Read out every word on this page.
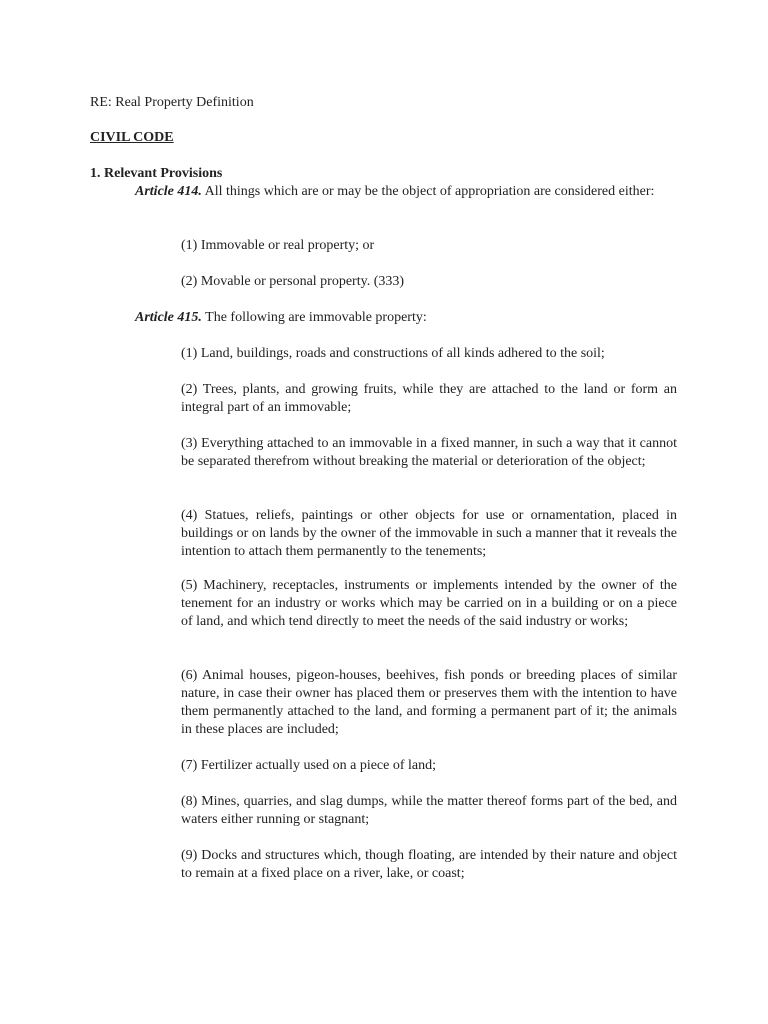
RE: Real Property Definition

CIVIL CODE

1. Relevant Provisions

Article 414. All things which are or may be the object of appropriation are considered either:

(1) Immovable or real property; or

(2) Movable or personal property. (333)

Article 415. The following are immovable property:

(1) Land, buildings, roads and constructions of all kinds adhered to the soil;

(2) Trees, plants, and growing fruits, while they are attached to the land or form an integral part of an immovable;

(3) Everything attached to an immovable in a fixed manner, in such a way that it cannot be separated therefrom without breaking the material or deterioration of the object;

(4) Statues, reliefs, paintings or other objects for use or ornamentation, placed in buildings or on lands by the owner of the immovable in such a manner that it reveals the intention to attach them permanently to the tenements;

(5) Machinery, receptacles, instruments or implements intended by the owner of the tenement for an industry or works which may be carried on in a building or on a piece of land, and which tend directly to meet the needs of the said industry or works;

(6) Animal houses, pigeon-houses, beehives, fish ponds or breeding places of similar nature, in case their owner has placed them or preserves them with the intention to have them permanently attached to the land, and forming a permanent part of it; the animals in these places are included;

(7) Fertilizer actually used on a piece of land;

(8) Mines, quarries, and slag dumps, while the matter thereof forms part of the bed, and waters either running or stagnant;

(9) Docks and structures which, though floating, are intended by their nature and object to remain at a fixed place on a river, lake, or coast;
